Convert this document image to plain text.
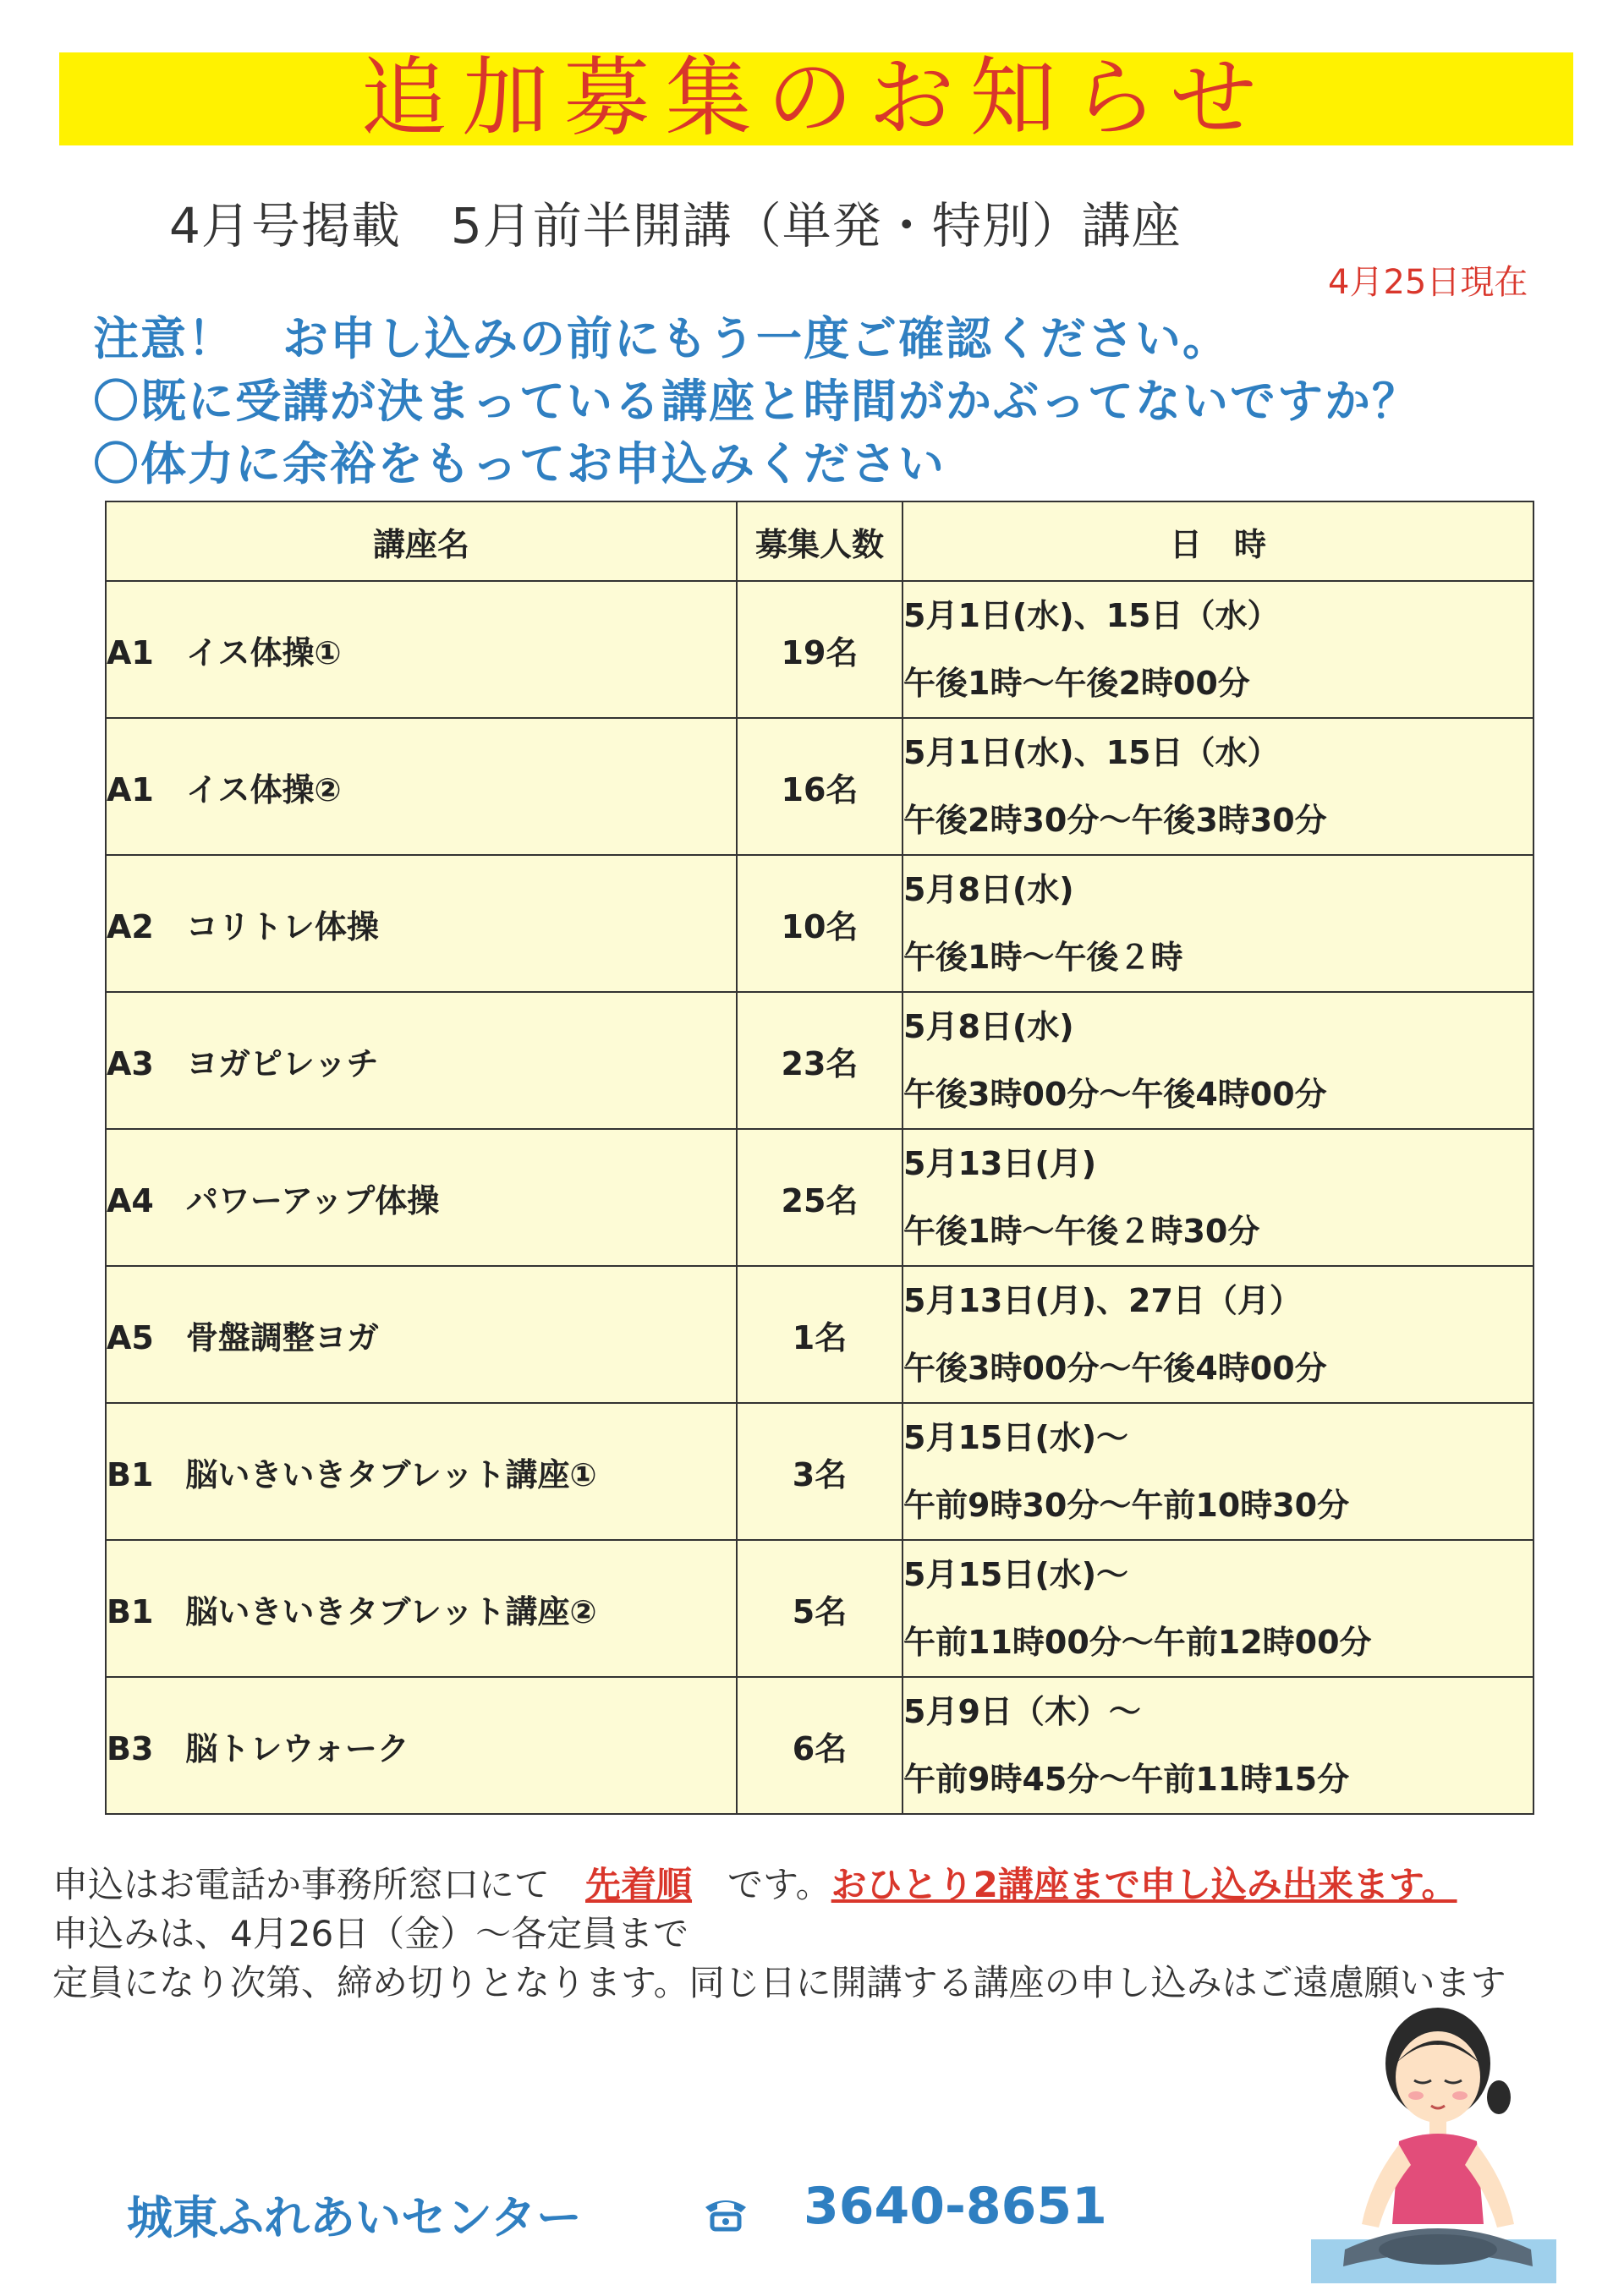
追加募集のお知らせ
4月号掲載　5月前半開講（単発・特別）講座
4月25日現在
注意！　お申し込みの前にもう一度ご確認ください。
〇既に受講が決まっている講座と時間がかぶってないですか？
〇体力に余裕をもってお申込みください
講座名	募集人数	日　時
A1　イス体操①	19名	5月1日(水)、15日（水）
午後1時～午後2時00分

A1　イス体操②	16名	5月1日(水)、15日（水）
午後2時30分～午後3時30分

A2　コリトレ体操	10名	5月8日(水)
午後1時～午後２時

A3　ヨガピレッチ	23名	5月8日(水)
午後3時00分～午後4時00分

A4　パワーアップ体操	25名	5月13日(月)
午後1時～午後２時30分

A5　骨盤調整ヨガ	1名	5月13日(月)、27日（月）
午後3時00分～午後4時00分

B1　脳いきいきタブレット講座①	3名	5月15日(水)～
午前9時30分～午前10時30分

B1　脳いきいきタブレット講座②	5名	5月15日(水)～
午前11時00分～午前12時00分

B3　脳トレウォーク	6名	5月9日（木）～
午前9時45分～午前11時15分
申込はお電話か事務所窓口にて　先着順　です。おひとり2講座まで申し込み出来ます。
申込みは、4月26日（金）～各定員まで
定員になり次第、締め切りとなります。同じ日に開講する講座の申し込みはご遠慮願います
城東ふれあいセンター	3640-8651
